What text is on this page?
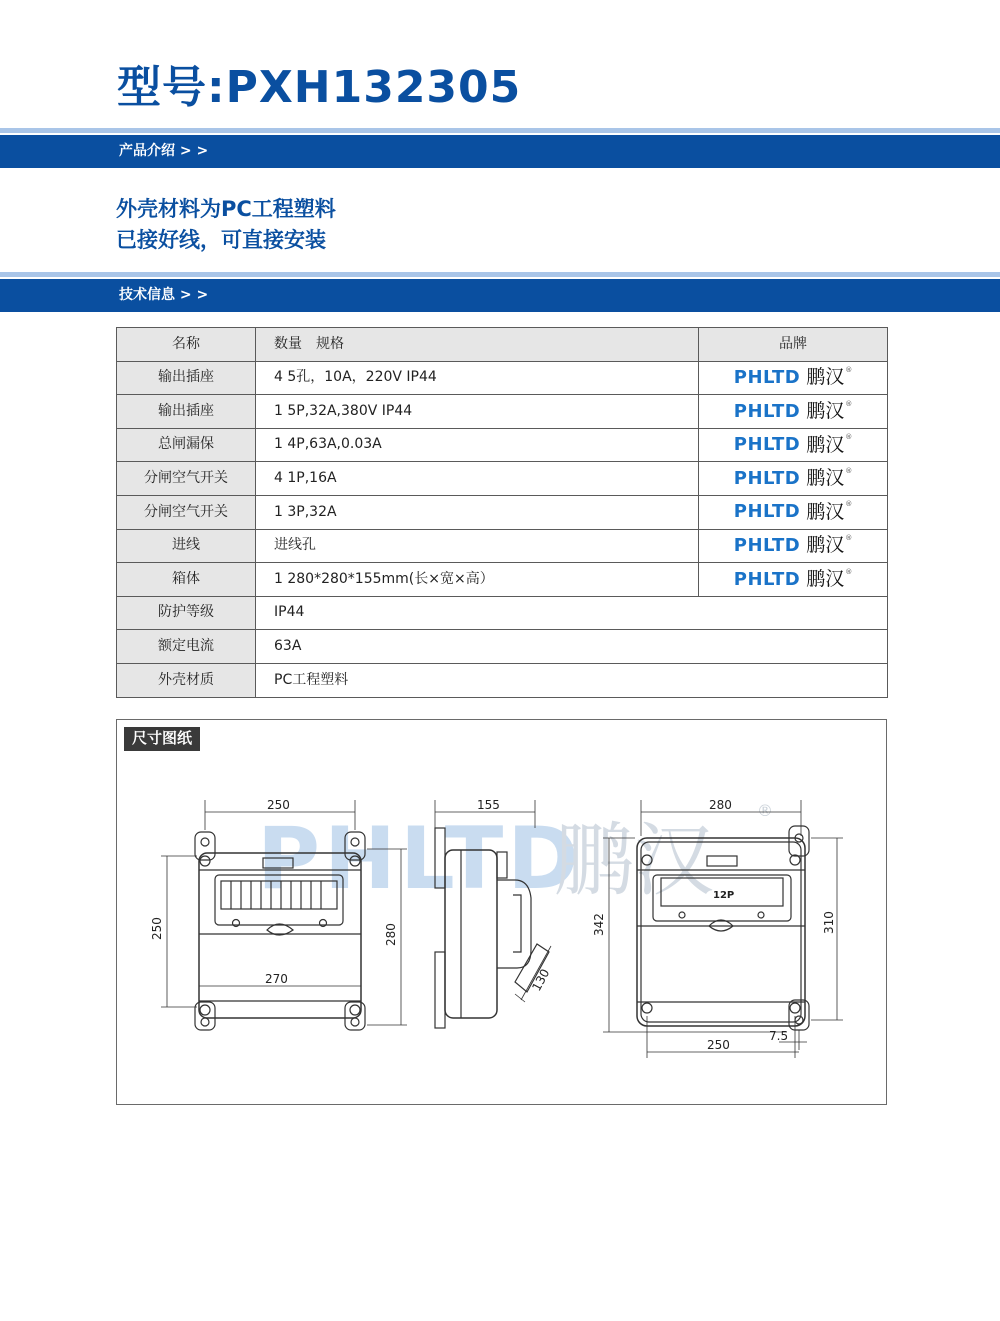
型号:PXH132305
产品介绍 > >
外壳材料为PC工程塑料
已接好线，可直接安装
技术信息 > >
名称	数量　规格	品牌
输出插座	4 5孔，10A，220V IP44	PHLTD 鹏汉 ®

输出插座	1 5P,32A,380V IP44	PHLTD 鹏汉 ®

总闸漏保	1 4P,63A,0.03A	PHLTD 鹏汉 ®

分闸空气开关	4 1P,16A	PHLTD 鹏汉 ®

分闸空气开关	1 3P,32A	PHLTD 鹏汉 ®

进线	进线孔	PHLTD 鹏汉 ®

箱体	1 280*280*155mm(长×宽×高）	PHLTD 鹏汉 ®

防护等级	IP44	
额定电流	63A	
外壳材质	PC工程塑料	
PHLTD
鹏汉
®
250
250
270
280
155
130
280
342	310
250
7.5
12P
尺寸图纸
